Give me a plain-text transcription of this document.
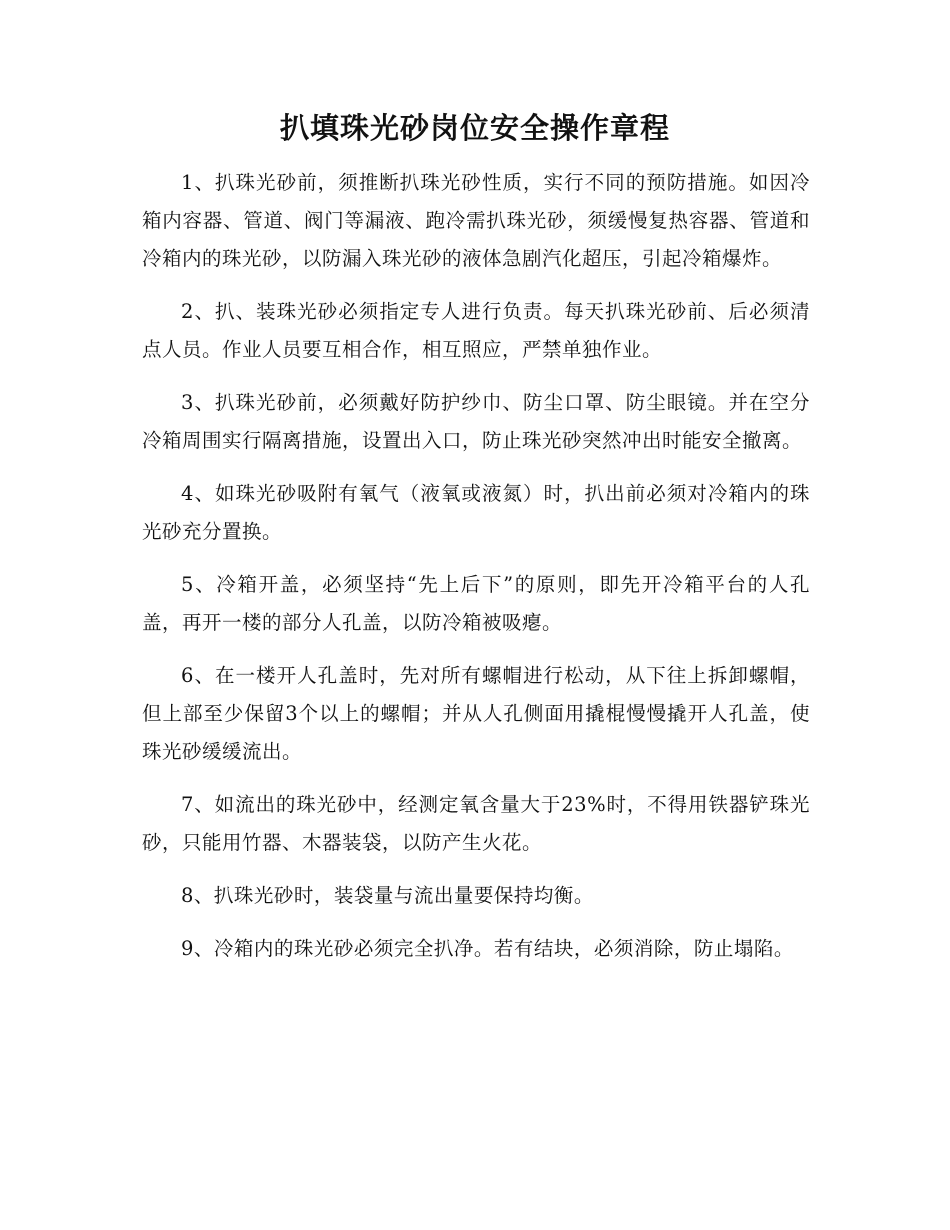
扒填珠光砂岗位安全操作章程

1、扒珠光砂前，须推断扒珠光砂性质，实行不同的预防措施。如因冷箱内容器、管道、阀门等漏液、跑冷需扒珠光砂，须缓慢复热容器、管道和冷箱内的珠光砂，以防漏入珠光砂的液体急剧汽化超压，引起冷箱爆炸。

2、扒、装珠光砂必须指定专人进行负责。每天扒珠光砂前、后必须清点人员。作业人员要互相合作，相互照应，严禁单独作业。

3、扒珠光砂前，必须戴好防护纱巾、防尘口罩、防尘眼镜。并在空分冷箱周围实行隔离措施，设置出入口，防止珠光砂突然冲出时能安全撤离。

4、如珠光砂吸附有氧气（液氧或液氮）时，扒出前必须对冷箱内的珠光砂充分置换。

5、冷箱开盖，必须坚持“先上后下”的原则，即先开冷箱平台的人孔盖，再开一楼的部分人孔盖，以防冷箱被吸瘪。

6、在一楼开人孔盖时，先对所有螺帽进行松动，从下往上拆卸螺帽，但上部至少保留3个以上的螺帽；并从人孔侧面用撬棍慢慢撬开人孔盖，使珠光砂缓缓流出。

7、如流出的珠光砂中，经测定氧含量大于23%时，不得用铁器铲珠光砂，只能用竹器、木器装袋，以防产生火花。

8、扒珠光砂时，装袋量与流出量要保持均衡。

9、冷箱内的珠光砂必须完全扒净。若有结块，必须消除，防止塌陷。
